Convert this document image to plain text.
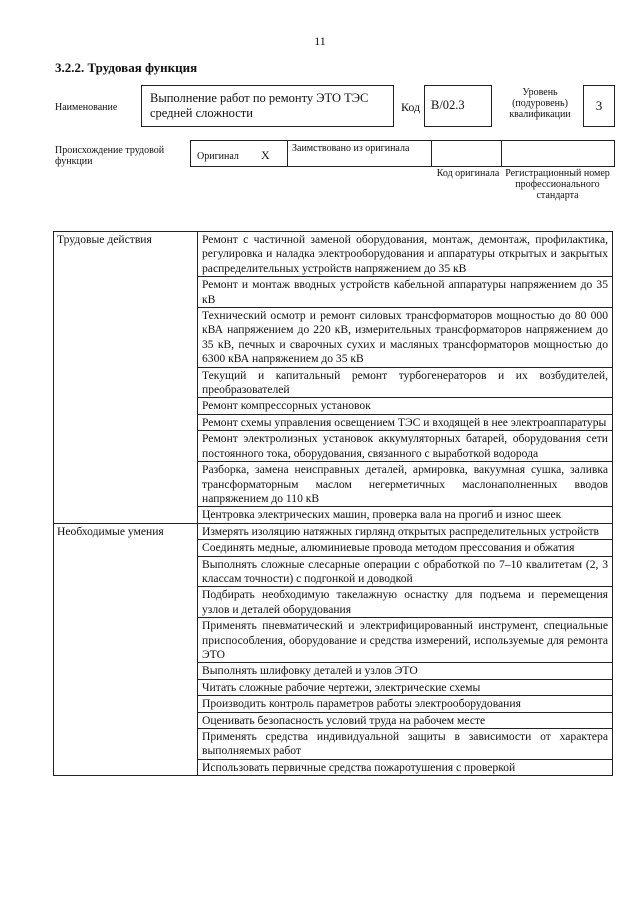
11
3.2.2. Трудовая функция
Наименование
Выполнение работ по ремонту ЭТО ТЭС средней сложности	Код B/02.3
Уровень (подуровень) квалификации
3
Происхождение трудовой функции	Оригинал X Заимствовано из оригинала
Код оригинала Регистрационный номер профессионального стандарта
Трудовые действия	Ремонт с частичной заменой оборудования, монтаж, демонтаж, профилактика, регулировка и наладка электрооборудования и аппаратуры открытых и закрытых распределительных устройств напряжением до 35 кВ
	Ремонт и монтаж вводных устройств кабельной аппаратуры напряжением до 35 кВ
	Технический осмотр и ремонт силовых трансформаторов мощностью до 80 000 кВА напряжением до 220 кВ, измерительных трансформаторов напряжением до 35 кВ, печных и сварочных сухих и масляных трансформаторов мощностью до 6300 кВА напряжением до 35 кВ
	Текущий и капитальный ремонт турбогенераторов и их возбудителей, преобразователей
	Ремонт компрессорных установок
	Ремонт схемы управления освещением ТЭС и входящей в нее электроаппаратуры
	Ремонт электролизных установок аккумуляторных батарей, оборудования сети постоянного тока, оборудования, связанного с выработкой водорода
	Разборка, замена неисправных деталей, армировка, вакуумная сушка, заливка трансформаторным маслом негерметичных маслонаполненных вводов напряжением до 110 кВ
	Центровка электрических машин, проверка вала на прогиб и износ шеек
Необходимые умения	Измерять изоляцию натяжных гирлянд открытых распределительных устройств
	Соединять медные, алюминиевые провода методом прессования и обжатия
	Выполнять сложные слесарные операции с обработкой по 7–10 квалитетам (2, 3 классам точности) с подгонкой и доводкой
	Подбирать необходимую такелажную оснастку для подъема и перемещения узлов и деталей оборудования
	Применять пневматический и электрифицированный инструмент, специальные приспособления, оборудование и средства измерений, используемые для ремонта ЭТО
	Выполнять шлифовку деталей и узлов ЭТО
	Читать сложные рабочие чертежи, электрические схемы
	Производить контроль параметров работы электрооборудования
	Оценивать безопасность условий труда на рабочем месте
	Применять средства индивидуальной защиты в зависимости от характера выполняемых работ
	Использовать первичные средства пожаротушения с проверкой
